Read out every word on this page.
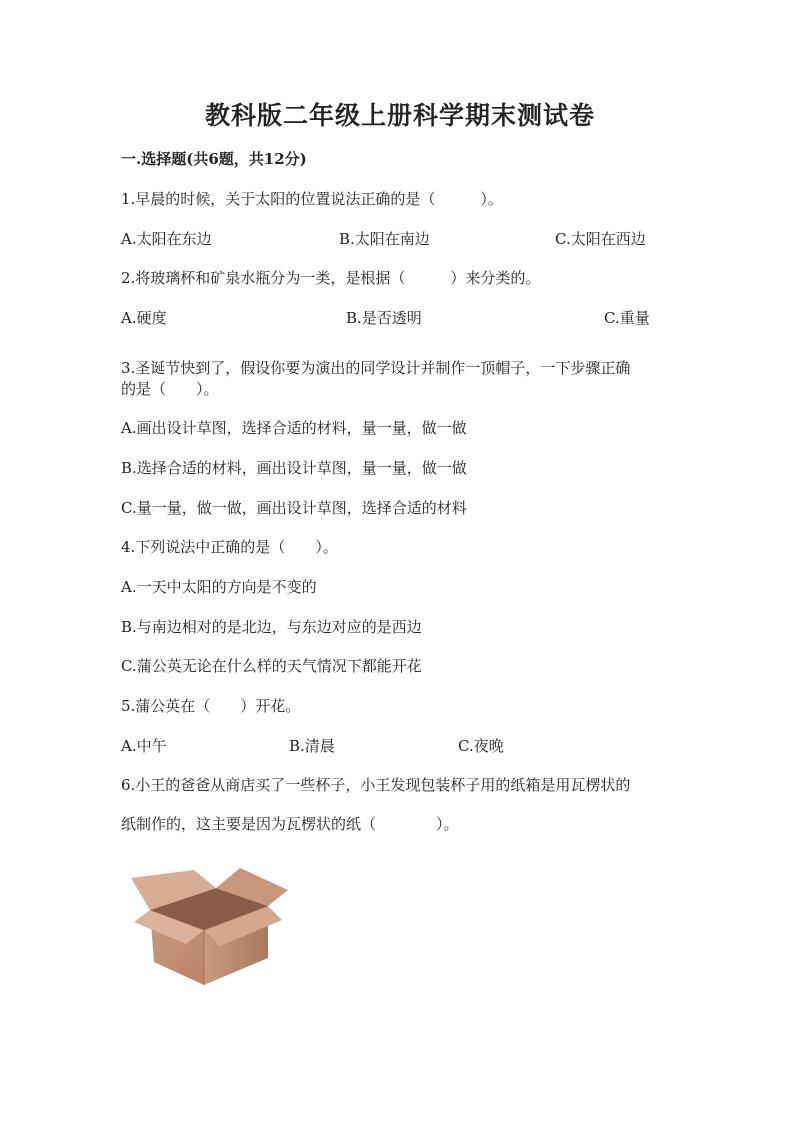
教科版二年级上册科学期末测试卷
一.选择题(共6题，共12分)
1.早晨的时候，关于太阳的位置说法正确的是（　　　）。
A.太阳在东边	B.太阳在南边	C.太阳在西边
2.将玻璃杯和矿泉水瓶分为一类，是根据（　　　）来分类的。
A.硬度	B.是否透明	C.重量
3.圣诞节快到了，假设你要为演出的同学设计并制作一顶帽子，一下步骤正确
的是（　　）。
A.画出设计草图，选择合适的材料，量一量，做一做
B.选择合适的材料，画出设计草图，量一量，做一做
C.量一量，做一做，画出设计草图，选择合适的材料
4.下列说法中正确的是（　　）。
A.一天中太阳的方向是不变的
B.与南边相对的是北边，与东边对应的是西边
C.蒲公英无论在什么样的天气情况下都能开花
5.蒲公英在（　　）开花。
A.中午	B.清晨	C.夜晚
6.小王的爸爸从商店买了一些杯子，小王发现包装杯子用的纸箱是用瓦楞状的
纸制作的，这主要是因为瓦楞状的纸（　　　　）。
